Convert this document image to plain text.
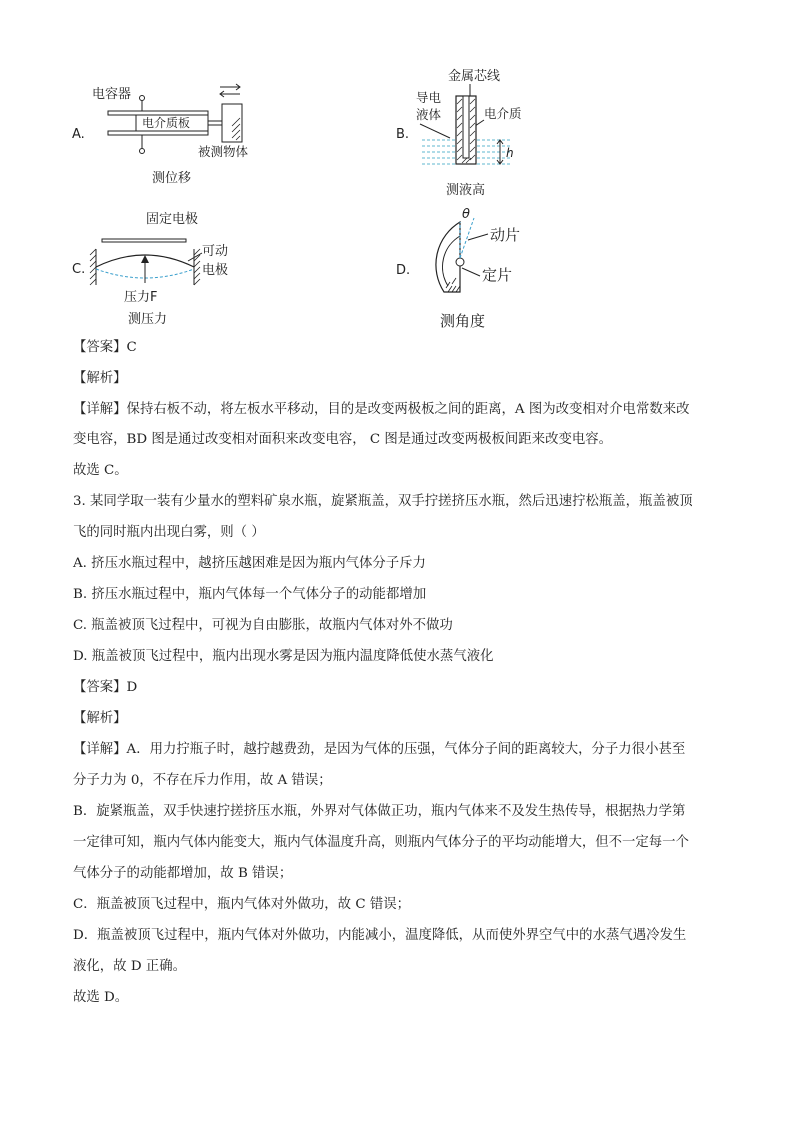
A.
电容器
电介质板
被测物体
测位移
B.
金属芯线
导电
液体	电介质
h
测液高
C.
固定电极
可动
电极
压力F
测压力
D.
θ
动片
定片
测角度
【答案】C
【解析】
【详解】保持右板不动，将左板水平移动，目的是改变两极板之间的距离，A 图为改变相对介电常数来改
变电容，BD 图是通过改变相对面积来改变电容， C 图是通过改变两极板间距来改变电容。
故选 C。
3. 某同学取一装有少量水的塑料矿泉水瓶，旋紧瓶盖，双手拧搓挤压水瓶，然后迅速拧松瓶盖，瓶盖被顶
飞的同时瓶内出现白雾，则（ ）
A. 挤压水瓶过程中，越挤压越困难是因为瓶内气体分子斥力
B. 挤压水瓶过程中，瓶内气体每一个气体分子的动能都增加
C. 瓶盖被顶飞过程中，可视为自由膨胀，故瓶内气体对外不做功
D. 瓶盖被顶飞过程中，瓶内出现水雾是因为瓶内温度降低使水蒸气液化
【答案】D
【解析】
【详解】A．用力拧瓶子时，越拧越费劲，是因为气体的压强，气体分子间的距离较大，分子力很小甚至
分子力为 0，不存在斥力作用，故 A 错误；
B．旋紧瓶盖，双手快速拧搓挤压水瓶，外界对气体做正功，瓶内气体来不及发生热传导，根据热力学第
一定律可知，瓶内气体内能变大，瓶内气体温度升高，则瓶内气体分子的平均动能增大，但不一定每一个
气体分子的动能都增加，故 B 错误；
C．瓶盖被顶飞过程中，瓶内气体对外做功，故 C 错误；
D．瓶盖被顶飞过程中，瓶内气体对外做功，内能减小，温度降低，从而使外界空气中的水蒸气遇冷发生
液化，故 D 正确。
故选 D。
